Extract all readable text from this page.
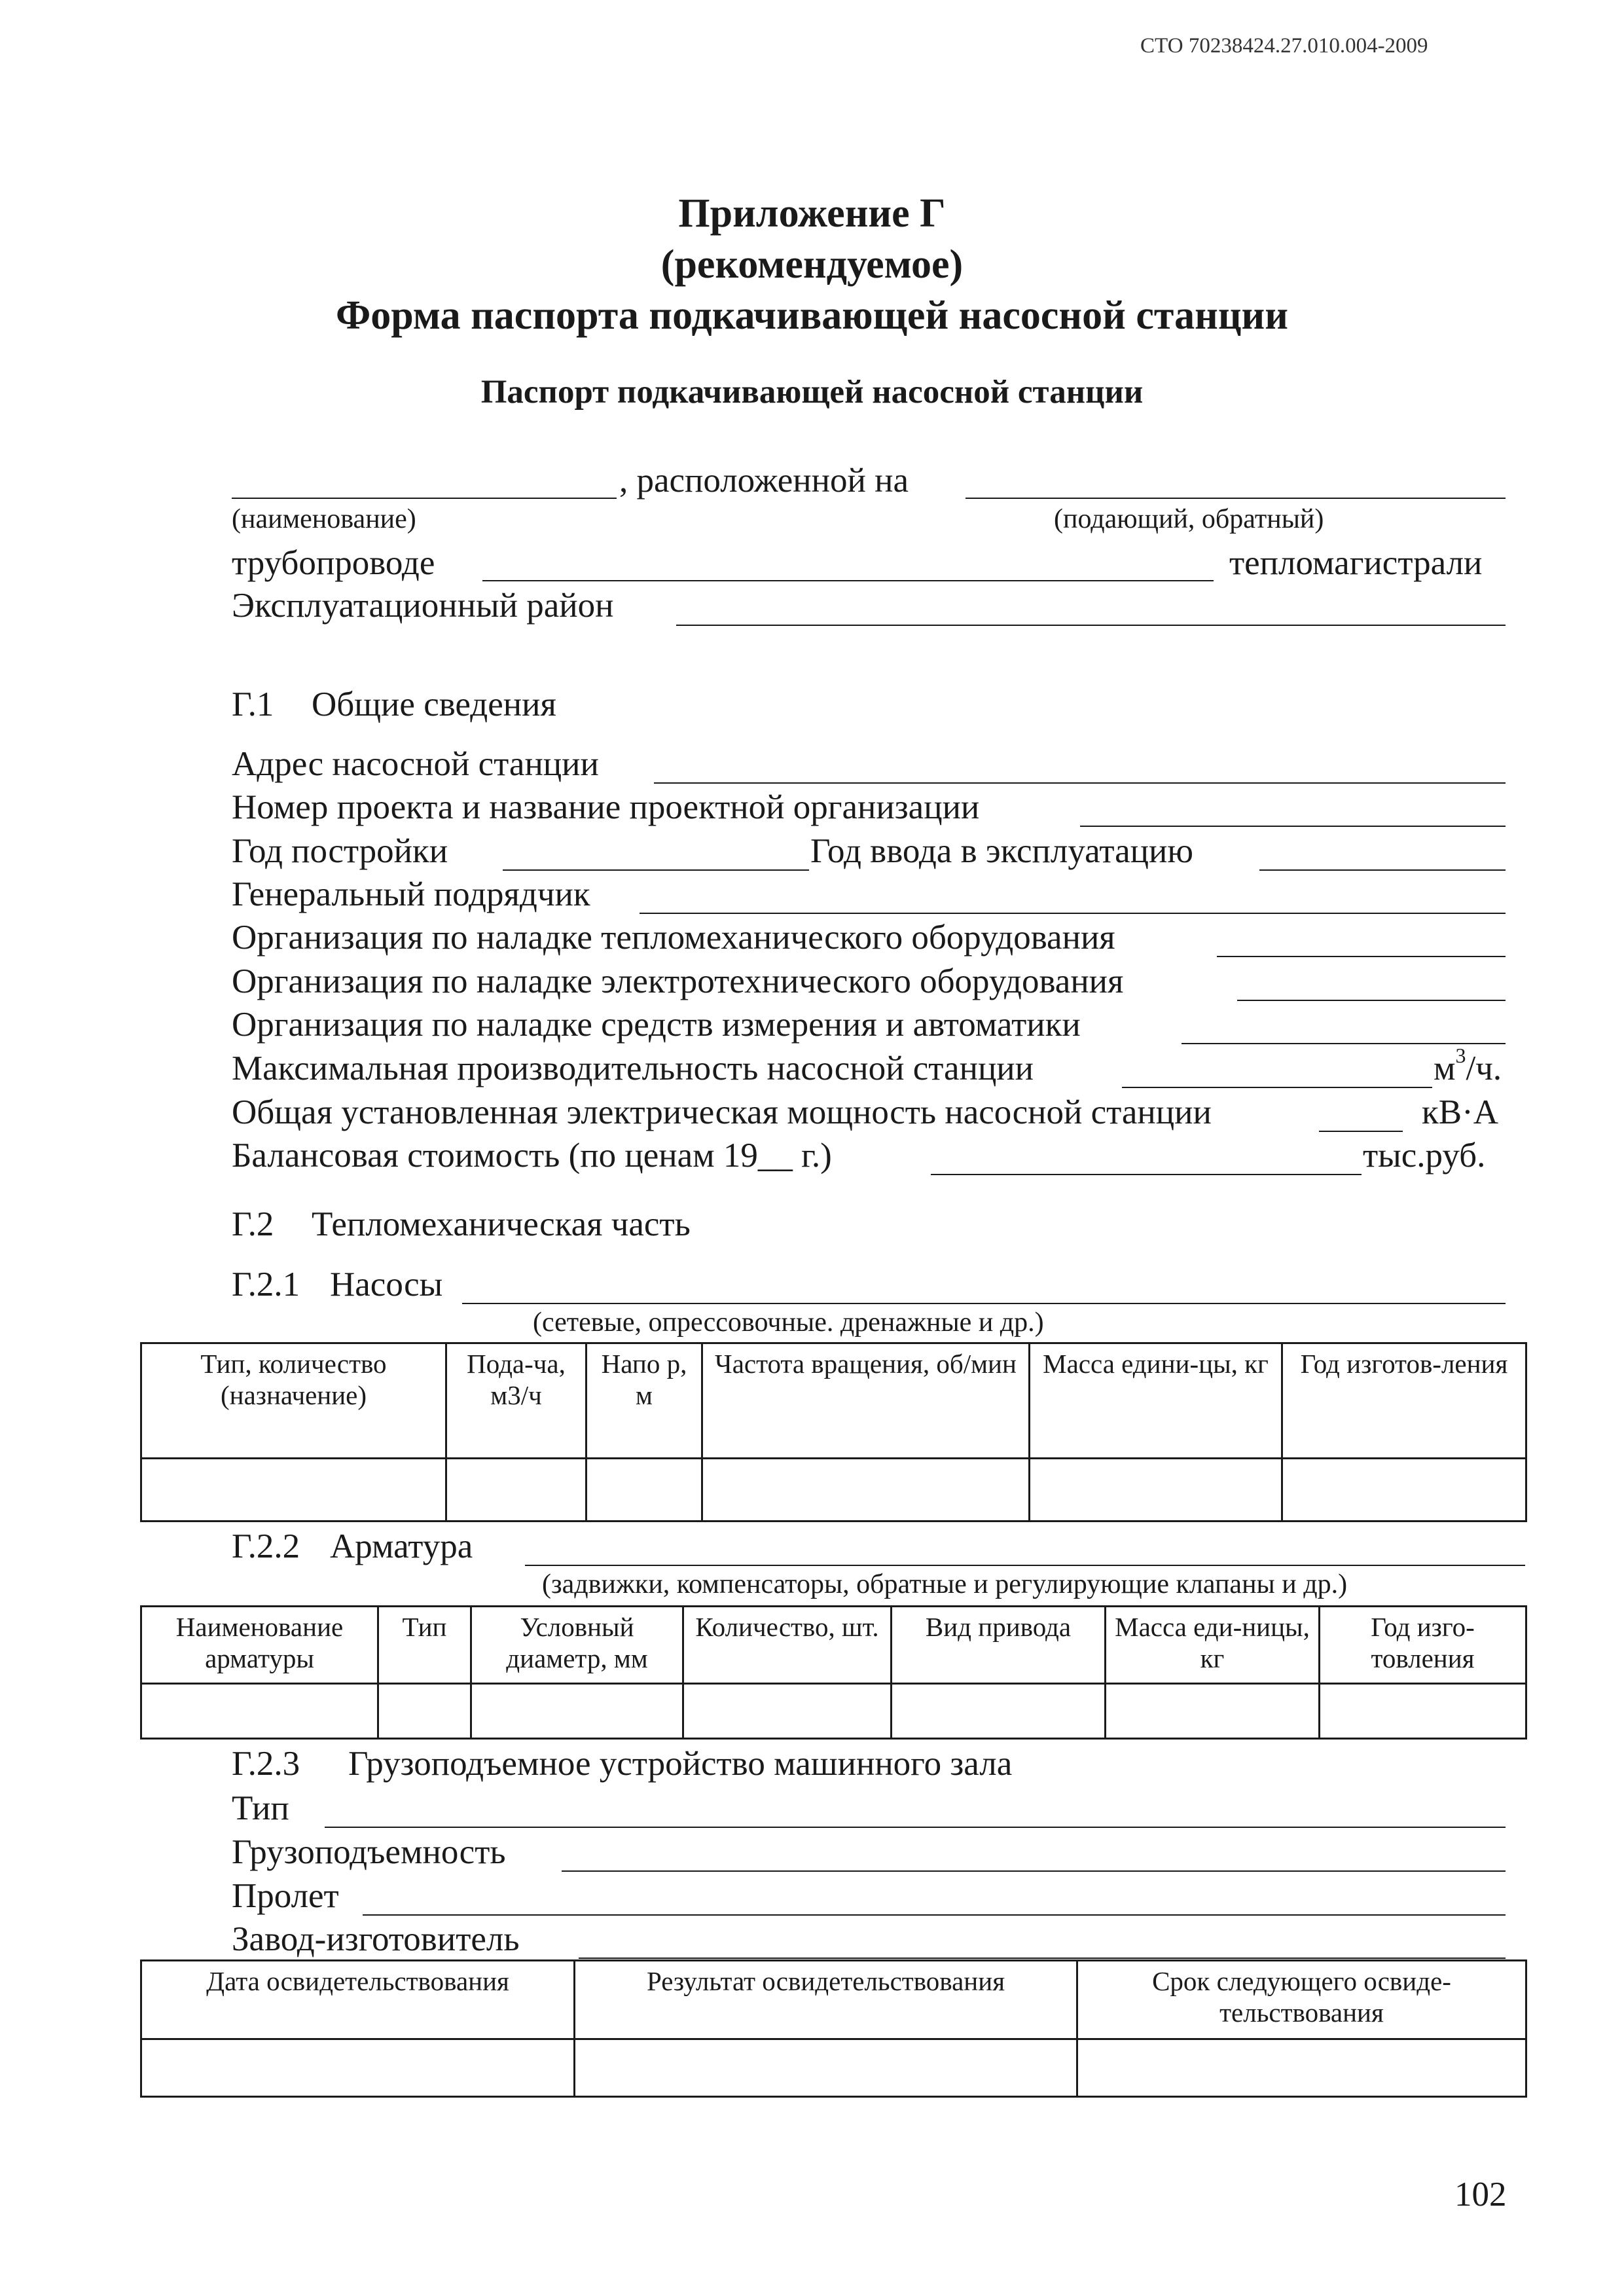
СТО 70238424.27.010.004-2009
Приложение Г
(рекомендуемое)
Форма паспорта подкачивающей насосной станции
Паспорт подкачивающей насосной станции
, расположенной на
(наименование)	(подающий, обратный)
трубопроводе	тепломагистрали
Эксплуатационный район
Г.1 Общие сведения
Адрес насосной станции
Номер проекта и название проектной организации
Год постройки	Год ввода в эксплуатацию
Генеральный подрядчик
Организация по наладке тепломеханического оборудования
Организация по наладке электротехнического оборудования
Организация по наладке средств измерения и автоматики
Максимальная производительность насосной станции	$м^3/ч$.
Общая установленная электрическая мощность насосной станции	кВ·А
Балансовая стоимость (по ценам 19__ г.)	тыс.руб.
Г.2 Тепломеханическая часть
Г.2.1 Насосы
(сетевые, опрессовочные. дренажные и др.)
Тип, количество (назначение)	Пода-ча, м3/ч	Напо р, м	Частота вращения, об/мин	Масса едини-цы, кг	Год изготов-ления

Г.2.2 Арматура
(задвижки, компенсаторы, обратные и регулирующие клапаны и др.)
Наименование арматуры	Тип	Условный диаметр, мм	Количество, шт.	Вид привода	Масса еди-ницы, кг	Год изго-товления

Г.2.3 Грузоподъемное устройство машинного зала
Тип
Грузоподъемность
Пролет
Завод-изготовитель
Дата освидетельствования	Результат освидетельствования	Срок следующего освиде-тельствования

102
